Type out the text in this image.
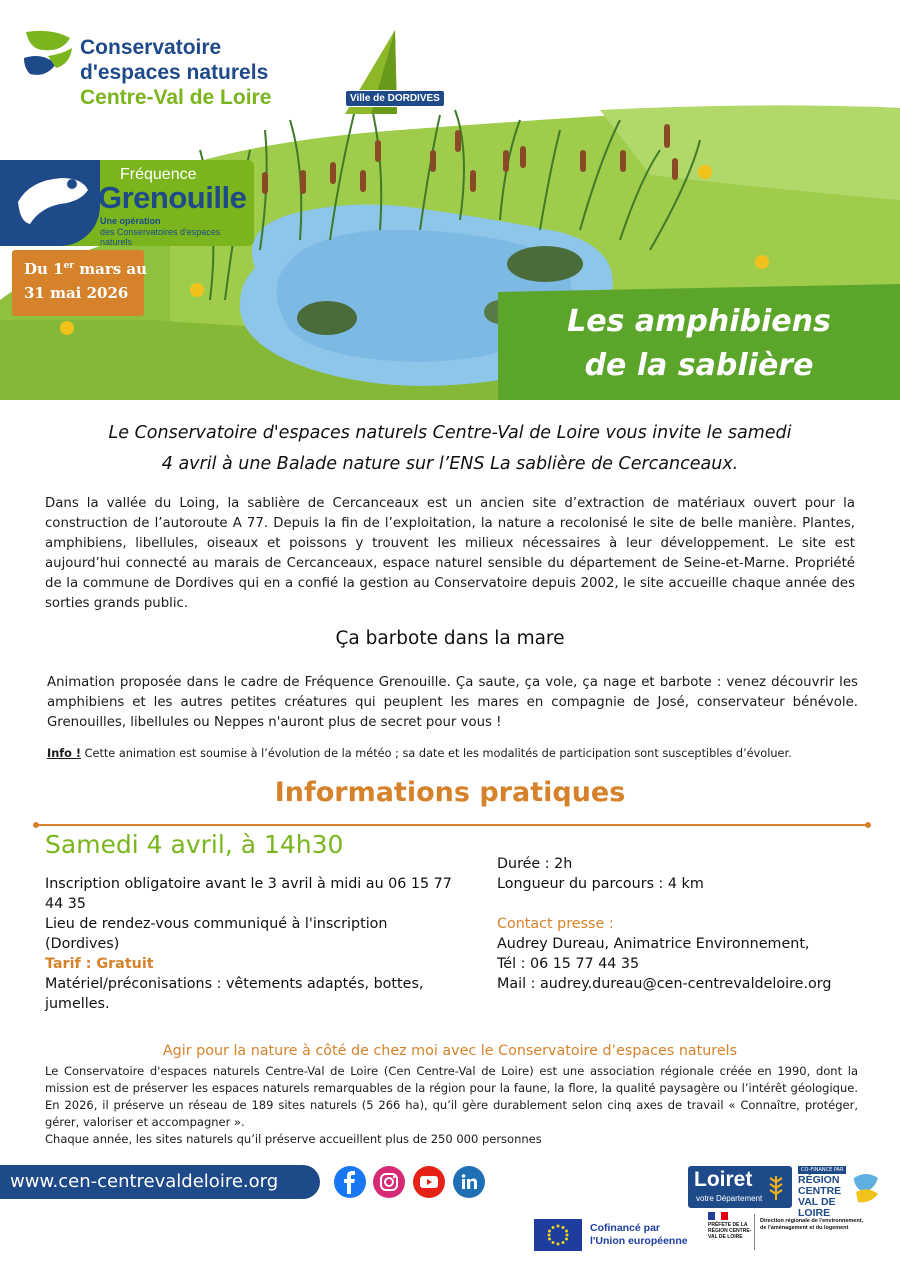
Conservatoire
d'espaces naturels
Centre-Val de Loire	Ville de DORDIVES
Fréquence
Grenouille
Une opération
des Conservatoires d'espaces naturels
Du 1er mars au
31 mai 2026
Les amphibiens
de la sablière
Le Conservatoire d'espaces naturels Centre-Val de Loire vous invite le samedi
4 avril à une Balade nature sur l’ENS La sablière de Cercanceaux.
Dans la vallée du Loing, la sablière de Cercanceaux est un ancien site d’extraction de matériaux ouvert pour la construction de l’autoroute A 77. Depuis la fin de l’exploitation, la nature a recolonisé le site de belle manière. Plantes, amphibiens, libellules, oiseaux et poissons y trouvent les milieux nécessaires à leur développement. Le site est aujourd’hui connecté au marais de Cercanceaux, espace naturel sensible du département de Seine-et-Marne. Propriété de la commune de Dordives qui en a confié la gestion au Conservatoire depuis 2002, le site accueille chaque année des sorties grands public.
Ça barbote dans la mare
Animation proposée dans le cadre de Fréquence Grenouille. Ça saute, ça vole, ça nage et barbote : venez découvrir les amphibiens et les autres petites créatures qui peuplent les mares en compagnie de José, conservateur bénévole. Grenouilles, libellules ou Neppes n'auront plus de secret pour vous !
Info ! Cette animation est soumise à l’évolution de la météo ; sa date et les modalités de participation sont susceptibles d’évoluer.
Informations pratiques
Samedi 4 avril, à 14h30
Inscription obligatoire avant le 3 avril à midi au 06 15 77 44 35
Lieu de rendez-vous communiqué à l'inscription (Dordives)
Tarif : Gratuit
Matériel/préconisations : vêtements adaptés, bottes, jumelles.
Durée : 2h
Longueur du parcours : 4 km
Contact presse :
Audrey Dureau, Animatrice Environnement,
Tél : 06 15 77 44 35
Mail : audrey.dureau@cen-centrevaldeloire.org
Agir pour la nature à côté de chez moi avec le Conservatoire d’espaces naturels
Le Conservatoire d'espaces naturels Centre-Val de Loire (Cen Centre-Val de Loire) est une association régionale créée en 1990, dont la mission est de préserver les espaces naturels remarquables de la région pour la faune, la flore, la qualité paysagère ou l’intérêt géologique. En 2026, il préserve un réseau de 189 sites naturels (5 266 ha), qu’il gère durablement selon cinq axes de travail « Connaître, protéger, gérer, valoriser et accompagner ».
Chaque année, les sites naturels qu’il préserve accueillent plus de 250 000 personnes
www.cen-centrevaldeloire.org	Loiret
votre Département
CO-FINANCÉ PAR
RÉGION CENTRE VAL DE LOIRE
Cofinancé par
l'Union européenne
PRÉFÈTE DE LA RÉGION CENTRE-VAL DE LOIRE
Direction régionale de l'environnement,
de l'aménagement et du logement
